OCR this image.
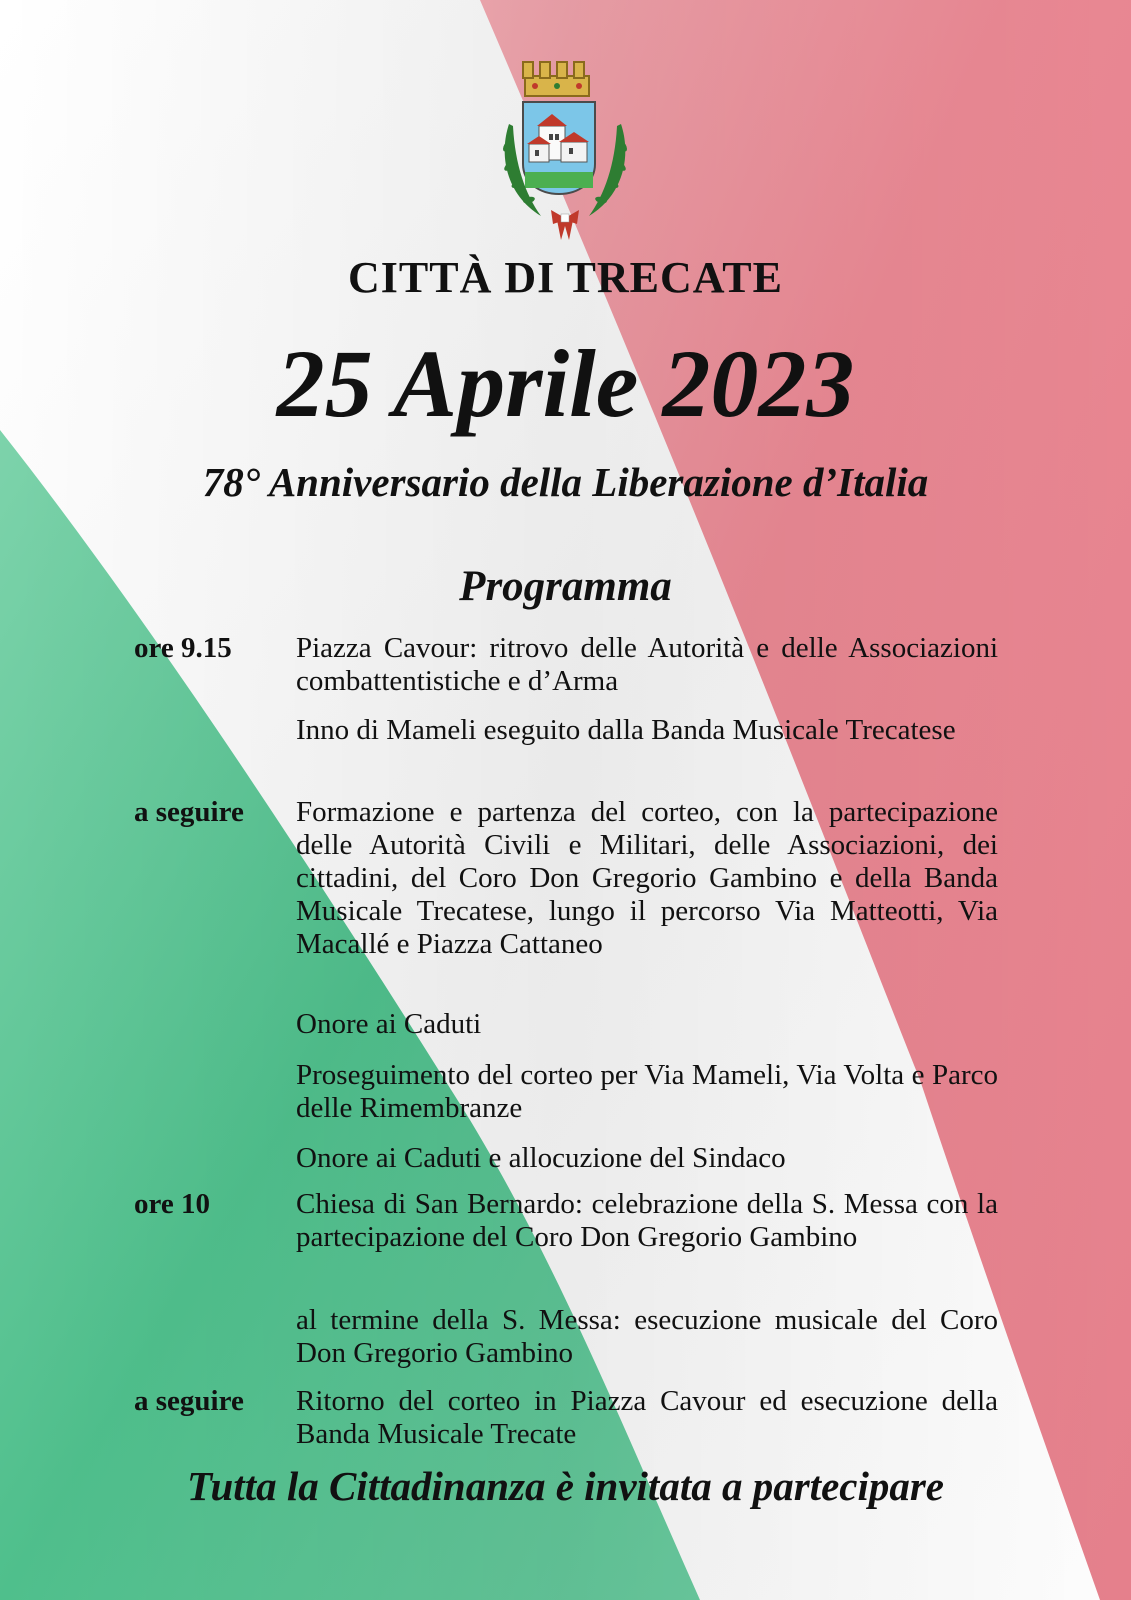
CITTÀ DI TRECATE
25 Aprile 2023
78° Anniversario della Liberazione d’Italia
Programma
ore 9.15 Piazza Cavour: ritrovo delle Autorità e delle Associazioni combattentistiche e d’Arma
Inno di Mameli eseguito dalla Banda Musicale Trecatese
a seguire Formazione e partenza del corteo, con la partecipazione delle Autorità Civili e Militari, delle Associazioni, dei cittadini, del Coro Don Gregorio Gambino e della Banda Musicale Trecatese, lungo il percorso Via Matteotti, Via Macallé e Piazza Cattaneo
Onore ai Caduti
Proseguimento del corteo per Via Mameli, Via Volta e Parco delle Rimembranze
Onore ai Caduti e allocuzione del Sindaco
ore 10	Chiesa di San Bernardo: celebrazione della S. Messa con la partecipazione del Coro Don Gregorio Gambino
al termine della S. Messa: esecuzione musicale del Coro Don Gregorio Gambino
a seguire Ritorno del corteo in Piazza Cavour ed esecuzione della Banda Musicale Trecate
Tutta la Cittadinanza è invitata a partecipare
